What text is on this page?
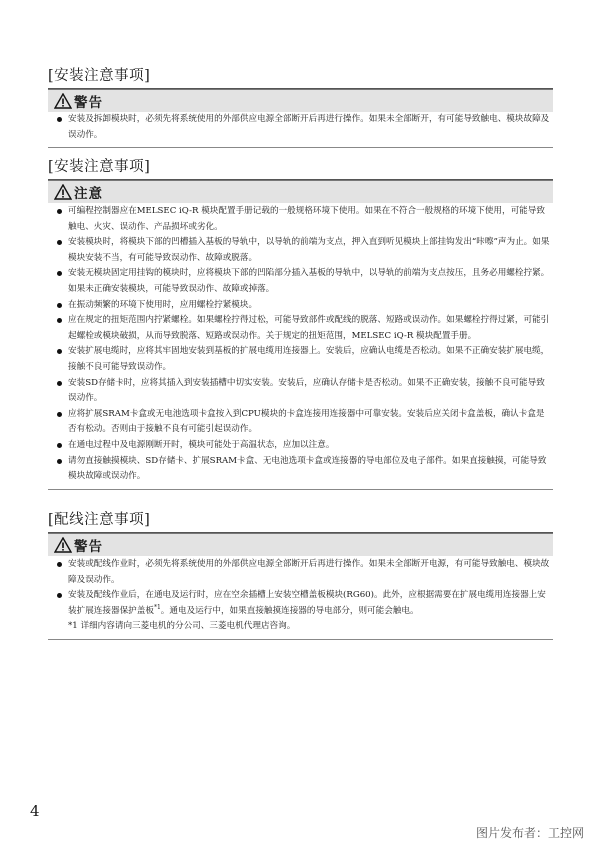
[安装注意事项]
警告
安装及拆卸模块时，必须先将系统使用的外部供应电源全部断开后再进行操作。如果未全部断开，有可能导致触电、模块故障及误动作。
[安装注意事项]
注意
可编程控制器应在MELSEC iQ-R 模块配置手册记载的一般规格环境下使用。如果在不符合一般规格的环境下使用，可能导致触电、火灾、误动作、产品损坏或劣化。
安装模块时，将模块下部的凹槽插入基板的导轨中，以导轨的前端为支点，押入直到听见模块上部挂钩发出“咔嚓”声为止。如果模块安装不当，有可能导致误动作、故障或脱落。
安装无模块固定用挂钩的模块时，应将模块下部的凹陷部分插入基板的导轨中，以导轨的前端为支点按压，且务必用螺栓拧紧。如果未正确安装模块，可能导致误动作、故障或掉落。
在振动频繁的环境下使用时，应用螺栓拧紧模块。
应在规定的扭矩范围内拧紧螺栓。如果螺栓拧得过松，可能导致部件或配线的脱落、短路或误动作。如果螺栓拧得过紧，可能引起螺栓或模块破损，从而导致脱落、短路或误动作。关于规定的扭矩范围，MELSEC iQ-R 模块配置手册。
安装扩展电缆时，应将其牢固地安装到基板的扩展电缆用连接器上。安装后，应确认电缆是否松动。如果不正确安装扩展电缆，接触不良可能导致误动作。
安装SD存储卡时，应将其插入到安装插槽中切实安装。安装后，应确认存储卡是否松动。如果不正确安装，接触不良可能导致误动作。
应将扩展SRAM卡盒或无电池选项卡盒按入到CPU模块的卡盒连接用连接器中可靠安装。安装后应关闭卡盒盖板，确认卡盒是否有松动。否则由于接触不良有可能引起误动作。
在通电过程中及电源刚断开时，模块可能处于高温状态，应加以注意。
请勿直接触摸模块、SD存储卡、扩展SRAM卡盒、无电池选项卡盒或连接器的导电部位及电子部件。如果直接触摸，可能导致模块故障或误动作。
[配线注意事项]
警告
安装或配线作业时，必须先将系统使用的外部供应电源全部断开后再进行操作。如果未全部断开电源，有可能导致触电、模块故障及误动作。
安装及配线作业后，在通电及运行时，应在空余插槽上安装空槽盖板模块(RG60)。此外，应根据需要在扩展电缆用连接器上安装扩展连接器保护盖板$^{*1}$。通电及运行中，如果直接触摸连接器的导电部分，则可能会触电。
*1 详细内容请向三菱电机的分公司、三菱电机代理店咨询。
4
图片发布者：工控网
